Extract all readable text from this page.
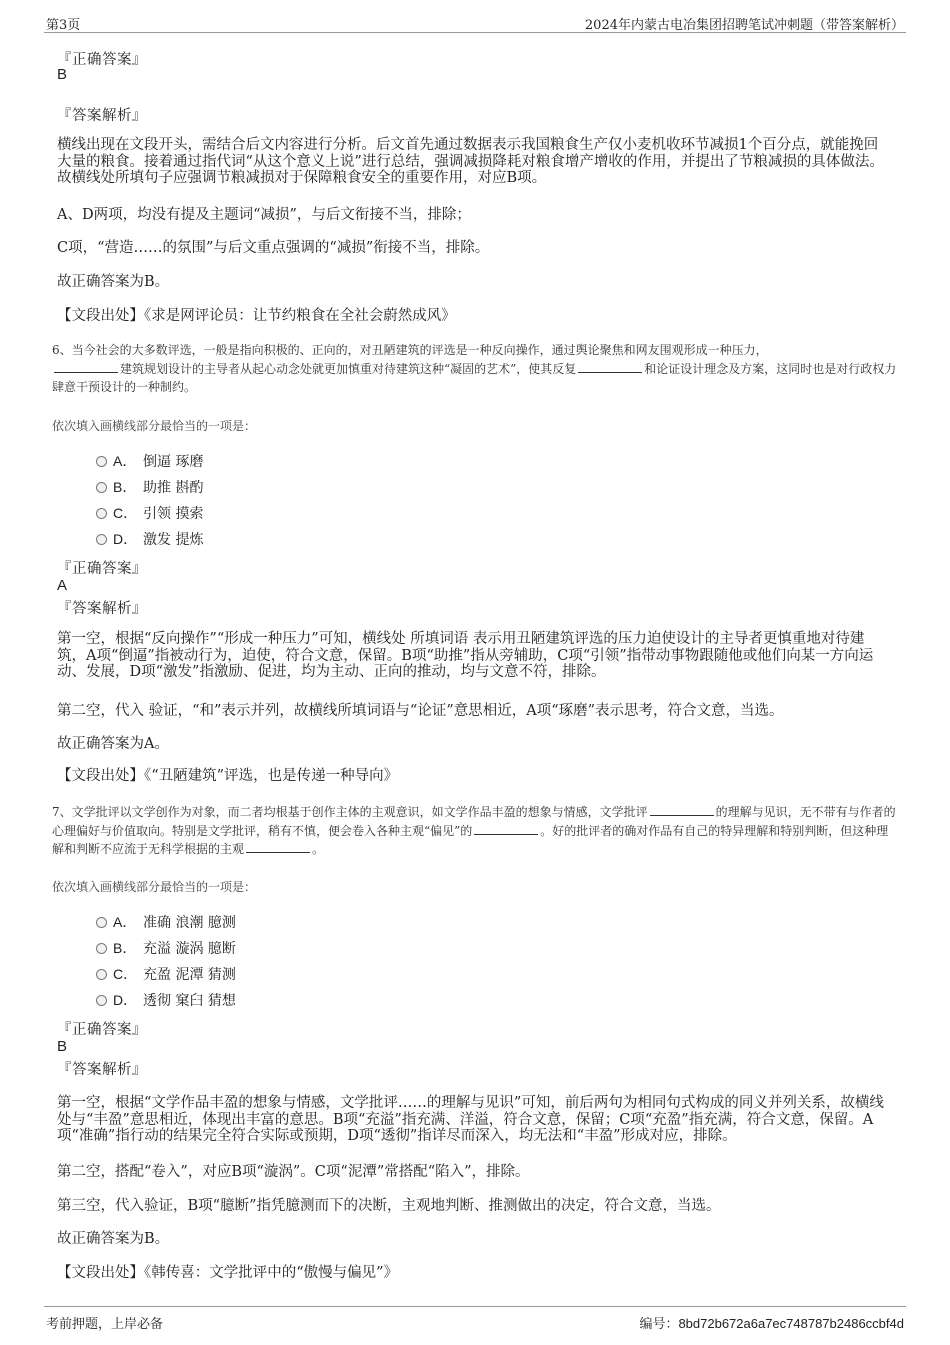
第3页	2024年内蒙古电冶集团招聘笔试冲刺题（带答案解析）
『正确答案』
B
『答案解析』
横线出现在文段开头，需结合后文内容进行分析。后文首先通过数据表示我国粮食生产仅小麦机收环节减损1个百分点，就能挽回大量的粮食。接着通过指代词“从这个意义上说”进行总结，强调减损降耗对粮食增产增收的作用，并提出了节粮减损的具体做法。故横线处所填句子应强调节粮减损对于保障粮食安全的重要作用，对应B项。
A、D两项，均没有提及主题词“减损”，与后文衔接不当，排除；
C项，“营造……的氛围”与后文重点强调的“减损”衔接不当，排除。
故正确答案为B。
【文段出处】《求是网评论员：让节约粮食在全社会蔚然成风》
6、当今社会的大多数评选，一般是指向积极的、正向的，对丑陋建筑的评选是一种反向操作，通过舆论聚焦和网友围观形成一种压力，
建筑规划设计的主导者从起心动念处就更加慎重对待建筑这种“凝固的艺术”，使其反复	和论证设计理念及方案，这同时也是对行政权力肆意干预设计的一种制约。
依次填入画横线部分最恰当的一项是：
A． 倒逼 琢磨
B． 助推 斟酌
C． 引领 摸索
D． 激发 提炼
『正确答案』
A
『答案解析』
第一空，根据“反向操作”“形成一种压力”可知，横线处 所填词语 表示用丑陋建筑评选的压力迫使设计的主导者更慎重地对待建筑，A项“倒逼”指被动行为，迫使，符合文意，保留。B项“助推”指从旁辅助，C项“引领”指带动事物跟随他或他们向某一方向运动、发展，D项“激发”指激励、促进，均为主动、正向的推动，均与文意不符，排除。
第二空，代入 验证，“和”表示并列，故横线所填词语与“论证”意思相近，A项“琢磨”表示思考，符合文意，当选。
故正确答案为A。
【文段出处】《“丑陋建筑”评选，也是传递一种导向》
7、文学批评以文学创作为对象，而二者均根基于创作主体的主观意识，如文学作品丰盈的想象与情感，文学批评	的理解与见识，无不带有与作者的心理偏好与价值取向。特别是文学批评，稍有不慎，便会卷入各种主观“偏见”的	。好的批评者的确对作品有自己的特异理解和特别判断，但这种理解和判断不应流于无科学根据的主观	。
依次填入画横线部分最恰当的一项是：
A． 准确 浪潮 臆测
B． 充溢 漩涡 臆断
C． 充盈 泥潭 猜测
D． 透彻 窠臼 猜想
『正确答案』
B
『答案解析』
第一空，根据“文学作品丰盈的想象与情感，文学批评……的理解与见识”可知，前后两句为相同句式构成的同义并列关系，故横线处与“丰盈”意思相近，体现出丰富的意思。B项“充溢”指充满、洋溢，符合文意，保留；C项“充盈”指充满，符合文意，保留。A项“准确”指行动的结果完全符合实际或预期，D项“透彻”指详尽而深入，均无法和“丰盈”形成对应，排除。
第二空，搭配“卷入”，对应B项“漩涡”。C项“泥潭”常搭配“陷入”，排除。
第三空，代入验证，B项“臆断”指凭臆测而下的决断，主观地判断、推测做出的决定，符合文意，当选。
故正确答案为B。
【文段出处】《韩传喜：文学批评中的“傲慢与偏见”》
考前押题，上岸必备	编号：8bd72b672a6a7ec748787b2486ccbf4d
